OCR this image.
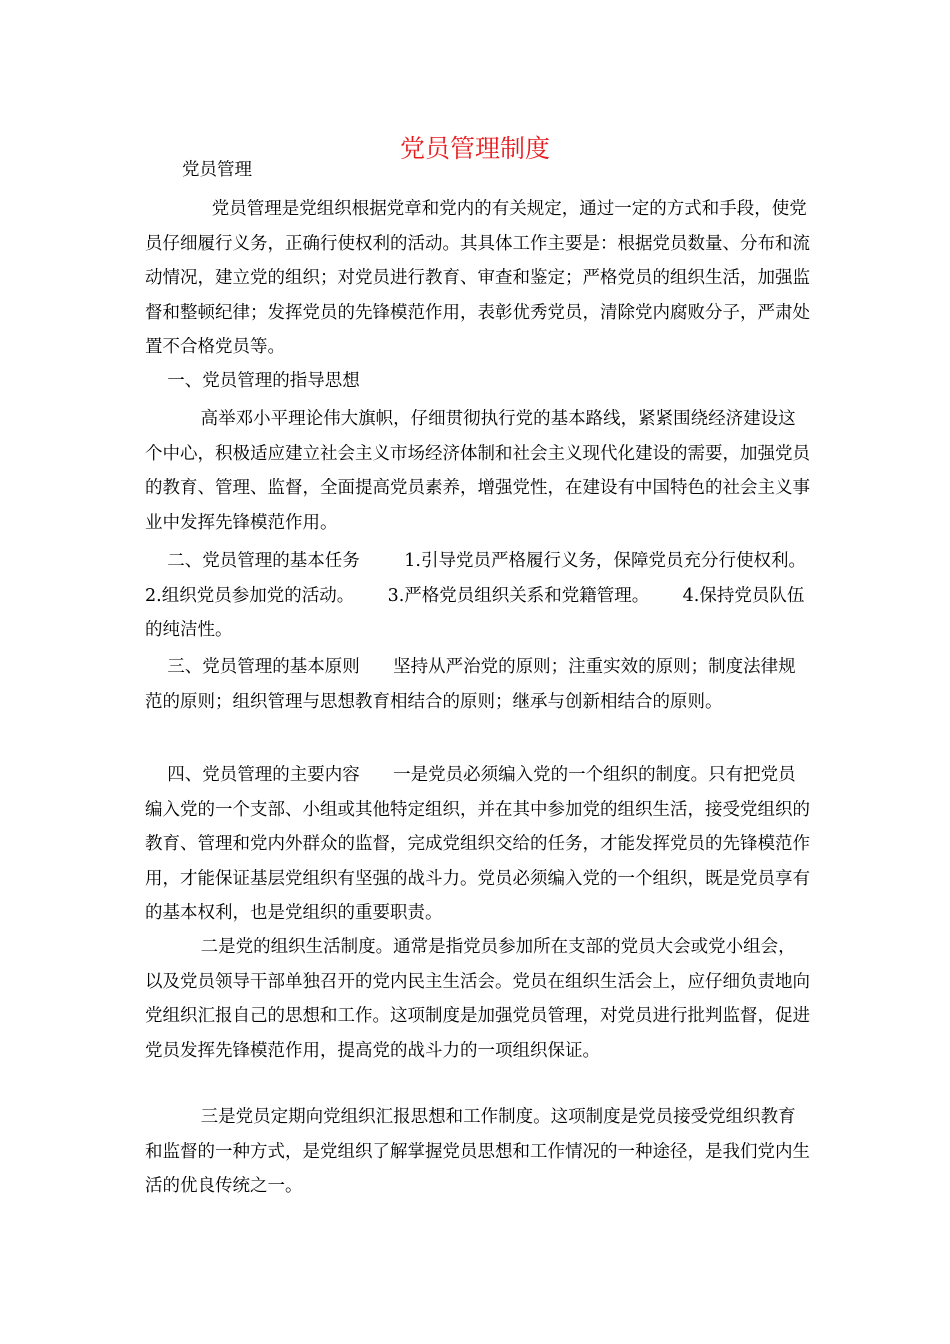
党员管理制度

党员管理

党员管理是党组织根据党章和党内的有关规定，通过一定的方式和手段，使党员仔细履行义务，正确行使权利的活动。其具体工作主要是：根据党员数量、分布和流动情况，建立党的组织；对党员进行教育、审查和鉴定；严格党员的组织生活，加强监督和整顿纪律；发挥党员的先锋模范作用，表彰优秀党员，清除党内腐败分子，严肃处置不合格党员等。

一、党员管理的指导思想

高举邓小平理论伟大旗帜，仔细贯彻执行党的基本路线，紧紧围绕经济建设这个中心，积极适应建立社会主义市场经济体制和社会主义现代化建设的需要，加强党员的教育、管理、监督，全面提高党员素养，增强党性，在建设有中国特色的社会主义事业中发挥先锋模范作用。

二、党员管理的基本任务        1.引导党员严格履行义务，保障党员充分行使权利。      2.组织党员参加党的活动。      3.严格党员组织关系和党籍管理。      4.保持党员队伍的纯洁性。

三、党员管理的基本原则      坚持从严治党的原则；注重实效的原则；制度法律规范的原则；组织管理与思想教育相结合的原则；继承与创新相结合的原则。

四、党员管理的主要内容      一是党员必须编入党的一个组织的制度。只有把党员编入党的一个支部、小组或其他特定组织，并在其中参加党的组织生活，接受党组织的教育、管理和党内外群众的监督，完成党组织交给的任务，才能发挥党员的先锋模范作用，才能保证基层党组织有坚强的战斗力。党员必须编入党的一个组织，既是党员享有的基本权利，也是党组织的重要职责。

二是党的组织生活制度。通常是指党员参加所在支部的党员大会或党小组会，以及党员领导干部单独召开的党内民主生活会。党员在组织生活会上，应仔细负责地向党组织汇报自己的思想和工作。这项制度是加强党员管理，对党员进行批判监督，促进党员发挥先锋模范作用，提高党的战斗力的一项组织保证。

三是党员定期向党组织汇报思想和工作制度。这项制度是党员接受党组织教育和监督的一种方式，是党组织了解掌握党员思想和工作情况的一种途径，是我们党内生活的优良传统之一。
